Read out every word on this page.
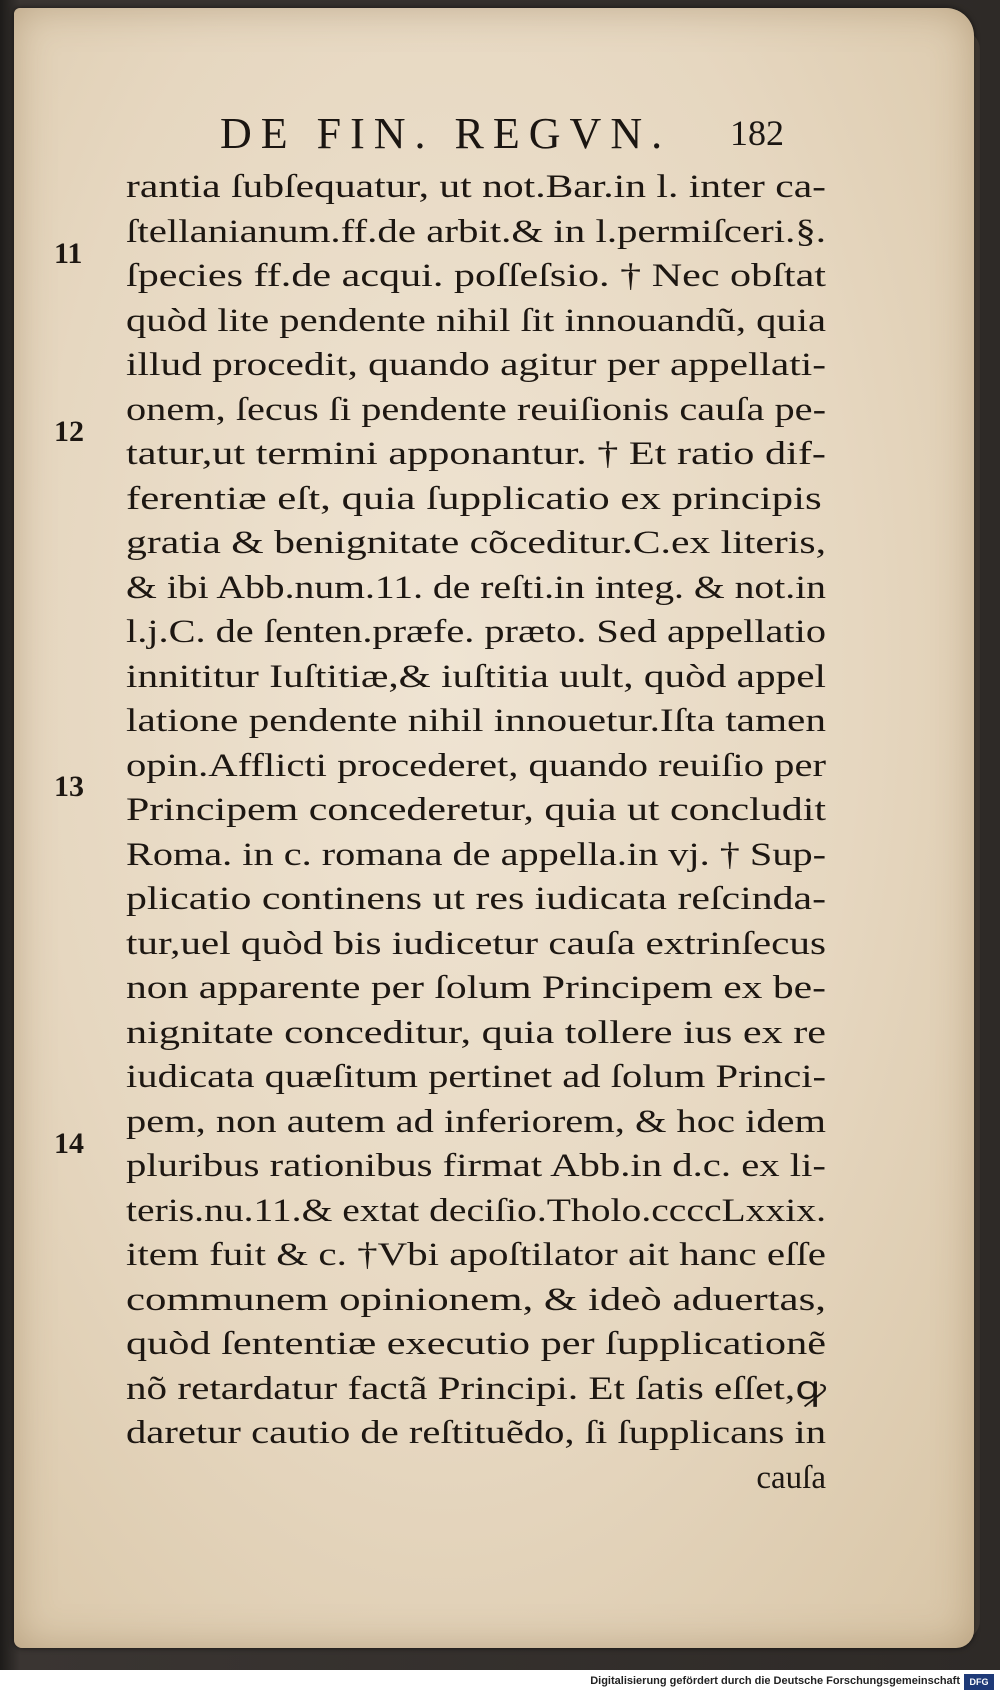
DE FIN. REGVN. 182
11
12
13
14
rantia ſubſequatur, ut not.Bar.in l. inter ca-
ſtellanianum.ff.de arbit.& in l.permiſceri.§.
ſpecies ff.de acqui. poſſeſsio. † Nec obſtat
quòd lite pendente nihil ſit innouandũ, quia
illud procedit, quando agitur per appellati-
onem, ſecus ſi pendente reuiſionis cauſa pe-
tatur,ut termini apponantur. † Et ratio dif-
ferentiæ eſt, quia ſupplicatio ex principis
gratia & benignitate cõceditur.C.ex literis,
& ibi Abb.num.11. de reſti.in integ. & not.in
l.j.C. de ſenten.præfe. præto. Sed appellatio
innititur Iuſtitiæ,& iuſtitia uult, quòd appel
latione pendente nihil innouetur.Iſta tamen
opin.Afflicti procederet, quando reuiſio per
Principem concederetur, quia ut concludit
Roma. in c. romana de appella.in vj. † Sup-
plicatio continens ut res iudicata reſcinda-
tur,uel quòd bis iudicetur cauſa extrinſecus
non apparente per ſolum Principem ex be-
nignitate conceditur, quia tollere ius ex re
iudicata quæſitum pertinet ad ſolum Princi-
pem, non autem ad inferiorem, & hoc idem
pluribus rationibus firmat Abb.in d.c. ex li-
teris.nu.11.& extat deciſio.Tholo.ccccLxxix.
item fuit & c. †Vbi apoſtilator ait hanc eſſe
communem opinionem, & ideò aduertas,
quòd ſententiæ executio per ſupplicationẽ
nõ retardatur factã Principi. Et ſatis eſſet,ꝙ
daretur cautio de reſtituẽdo, ſi ſupplicans in
cauſa
Digitalisierung gefördert durch die Deutsche Forschungsgemeinschaft	DFG
